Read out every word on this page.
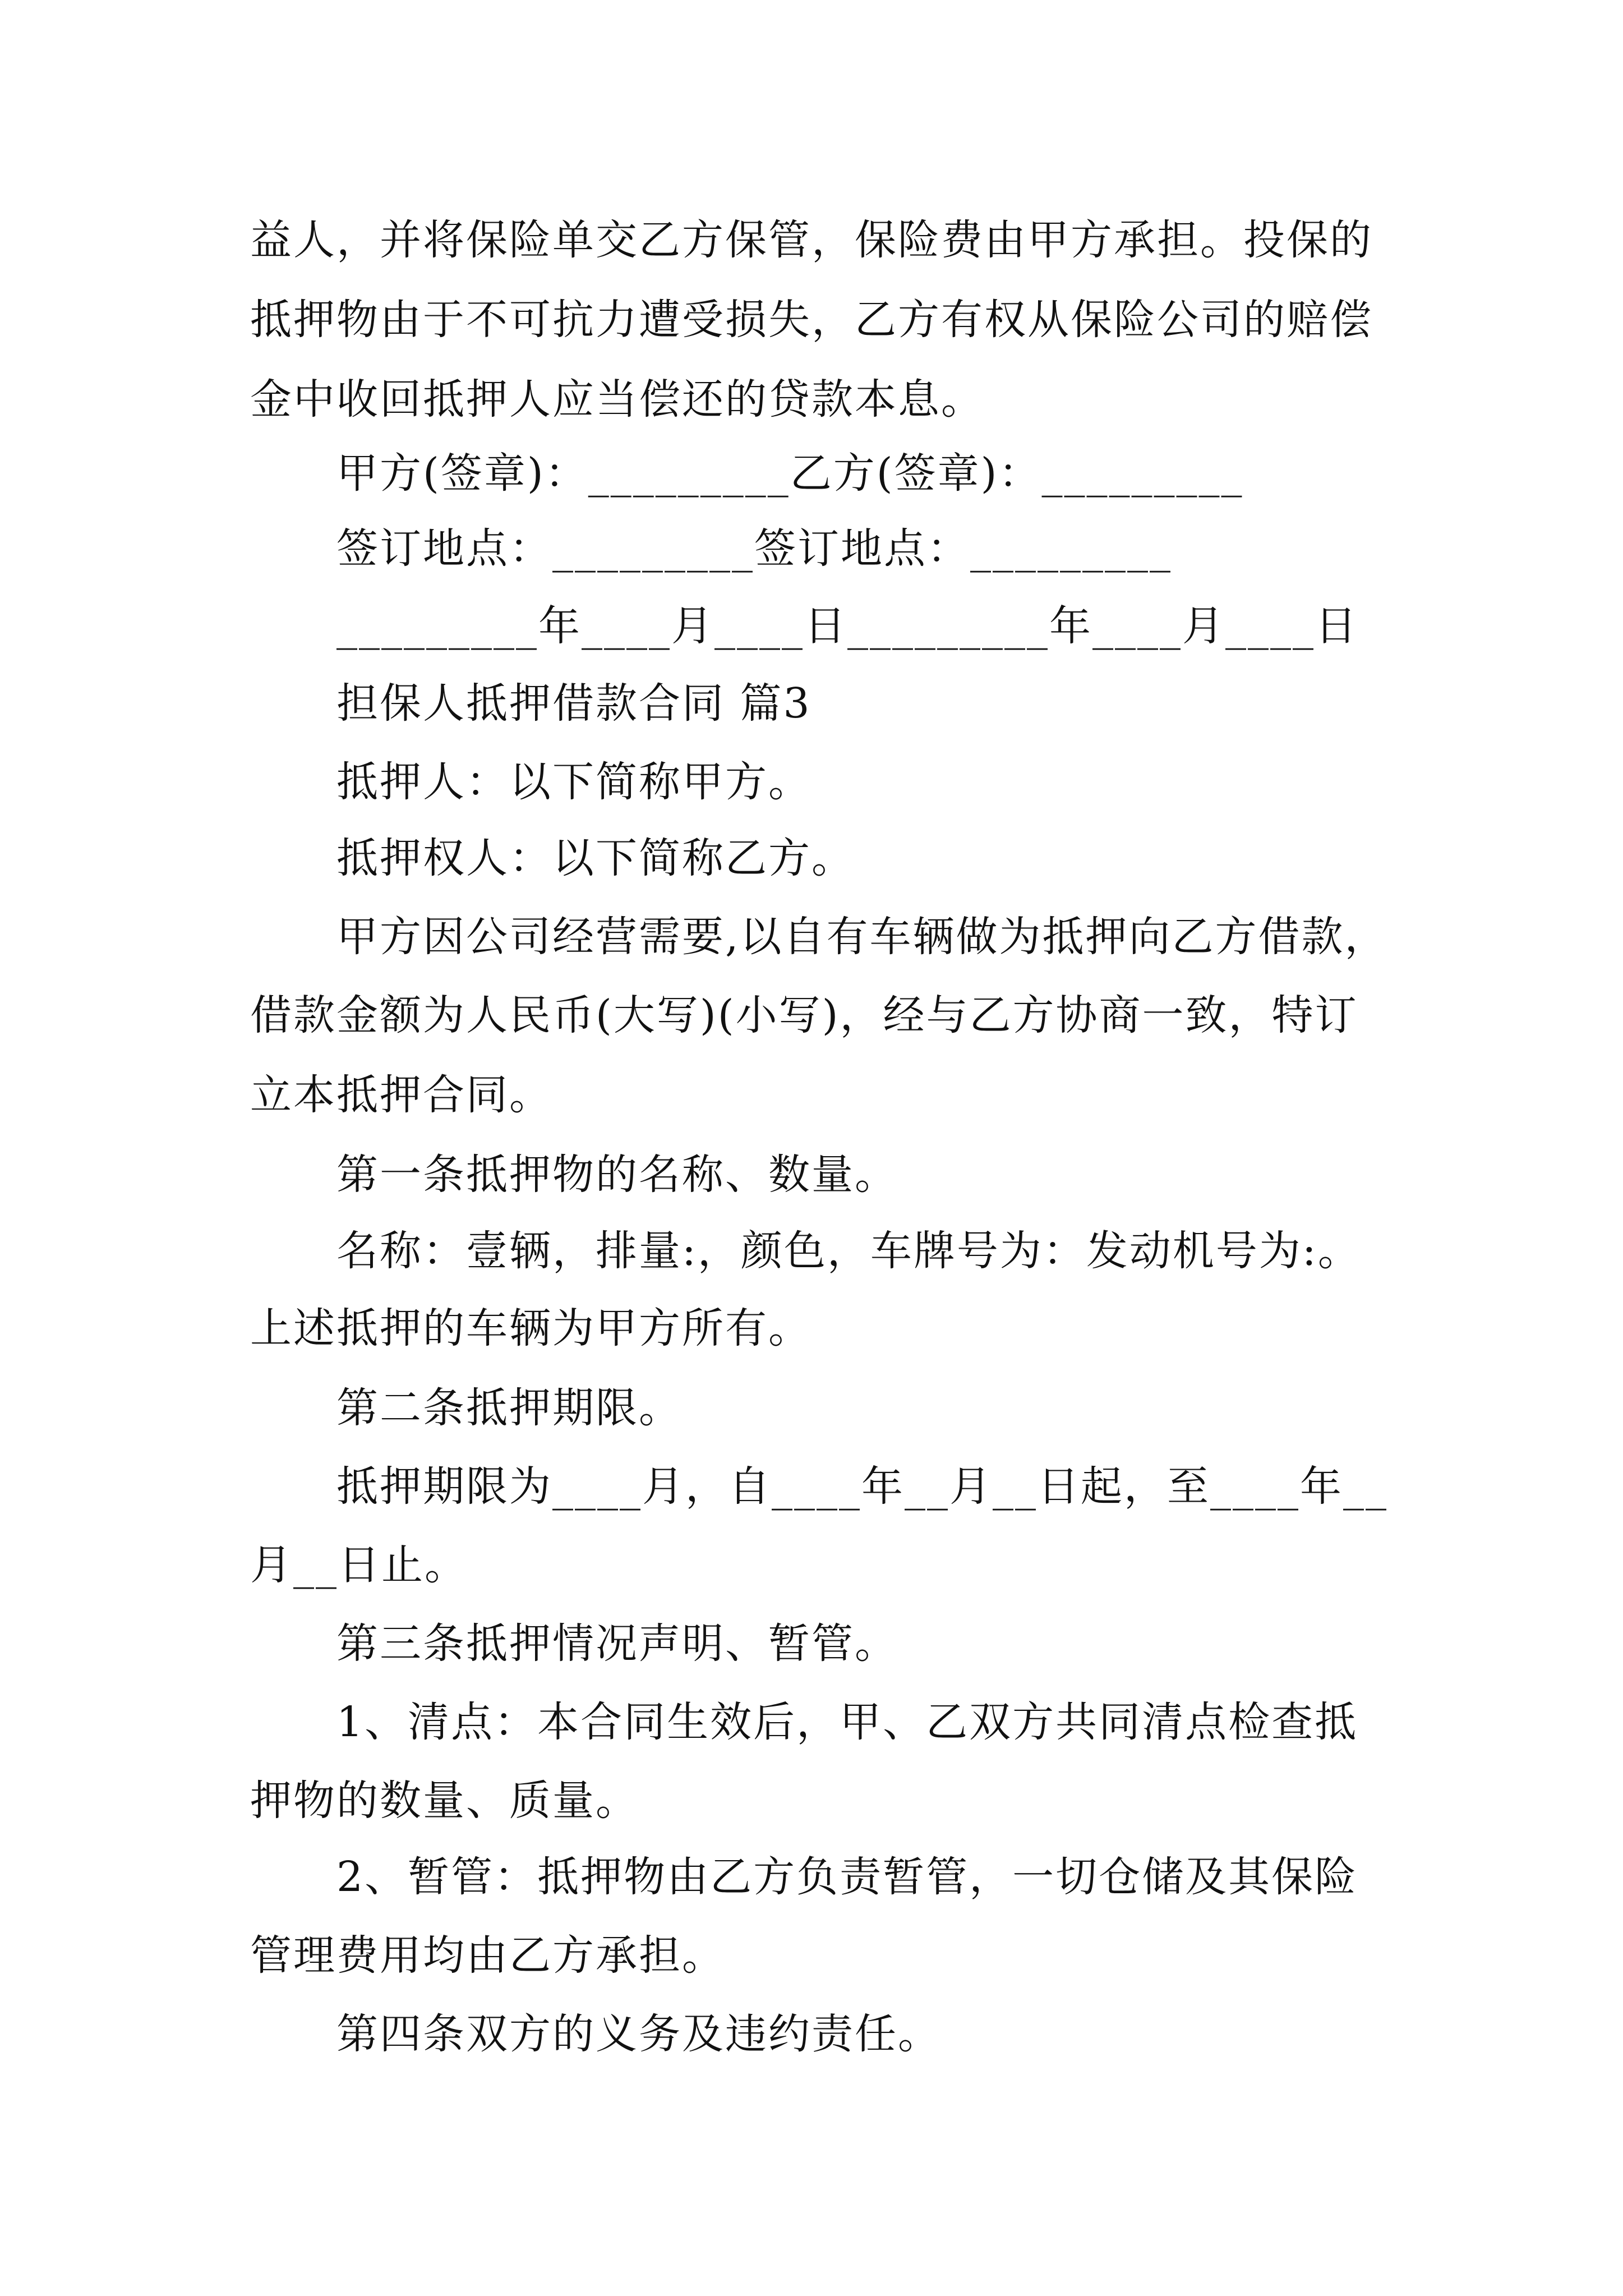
益人，并将保险单交乙方保管，保险费由甲方承担。投保的
抵押物由于不可抗力遭受损失，乙方有权从保险公司的赔偿
金中收回抵押人应当偿还的贷款本息。
甲方(签章)：_________乙方(签章)：_________
签订地点：_________签订地点：_________
_________年____月____日_________年____月____日
担保人抵押借款合同 篇3
抵押人：以下简称甲方。
抵押权人：以下简称乙方。
甲方因公司经营需要,以自有车辆做为抵押向乙方借款，
借款金额为人民币(大写)(小写)，经与乙方协商一致，特订
立本抵押合同。
第一条抵押物的名称、数量。
名称：壹辆，排量:，颜色，车牌号为：发动机号为:。
上述抵押的车辆为甲方所有。
第二条抵押期限。
抵押期限为____月，自____年__月__日起，至____年__
月__日止。
第三条抵押情况声明、暂管。
1、清点：本合同生效后，甲、乙双方共同清点检查抵
押物的数量、质量。
2、暂管：抵押物由乙方负责暂管，一切仓储及其保险
管理费用均由乙方承担。
第四条双方的义务及违约责任。
